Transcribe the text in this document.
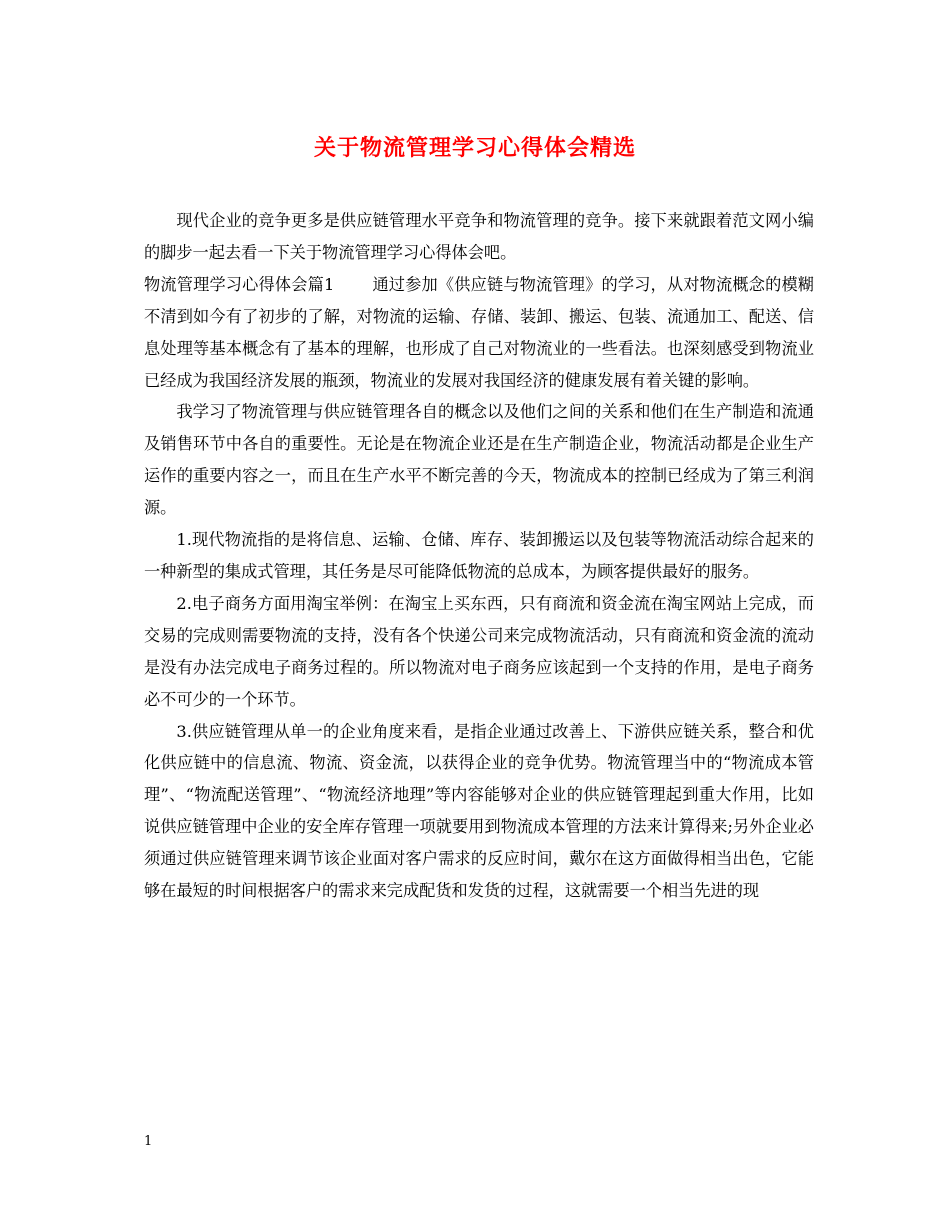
关于物流管理学习心得体会精选

现代企业的竞争更多是供应链管理水平竞争和物流管理的竞争。接下来就跟着范文网小编的脚步一起去看一下关于物流管理学习心得体会吧。

物流管理学习心得体会篇1 通过参加《供应链与物流管理》的学习，从对物流概念的模糊不清到如今有了初步的了解，对物流的运输、存储、装卸、搬运、包装、流通加工、配送、信息处理等基本概念有了基本的理解，也形成了自己对物流业的一些看法。也深刻感受到物流业已经成为我国经济发展的瓶颈，物流业的发展对我国经济的健康发展有着关键的影响。

我学习了物流管理与供应链管理各自的概念以及他们之间的关系和他们在生产制造和流通及销售环节中各自的重要性。无论是在物流企业还是在生产制造企业，物流活动都是企业生产运作的重要内容之一，而且在生产水平不断完善的今天，物流成本的控制已经成为了第三利润源。

1.现代物流指的是将信息、运输、仓储、库存、装卸搬运以及包装等物流活动综合起来的一种新型的集成式管理，其任务是尽可能降低物流的总成本，为顾客提供最好的服务。

2.电子商务方面用淘宝举例：在淘宝上买东西，只有商流和资金流在淘宝网站上完成，而交易的完成则需要物流的支持，没有各个快递公司来完成物流活动，只有商流和资金流的流动是没有办法完成电子商务过程的。所以物流对电子商务应该起到一个支持的作用，是电子商务必不可少的一个环节。

3.供应链管理从单一的企业角度来看，是指企业通过改善上、下游供应链关系，整合和优化供应链中的信息流、物流、资金流，以获得企业的竞争优势。物流管理当中的“物流成本管理”、“物流配送管理”、“物流经济地理”等内容能够对企业的供应链管理起到重大作用，比如说供应链管理中企业的安全库存管理一项就要用到物流成本管理的方法来计算得来;另外企业必须通过供应链管理来调节该企业面对客户需求的反应时间，戴尔在这方面做得相当出色，它能够在最短的时间根据客户的需求来完成配货和发货的过程，这就需要一个相当先进的现

1
